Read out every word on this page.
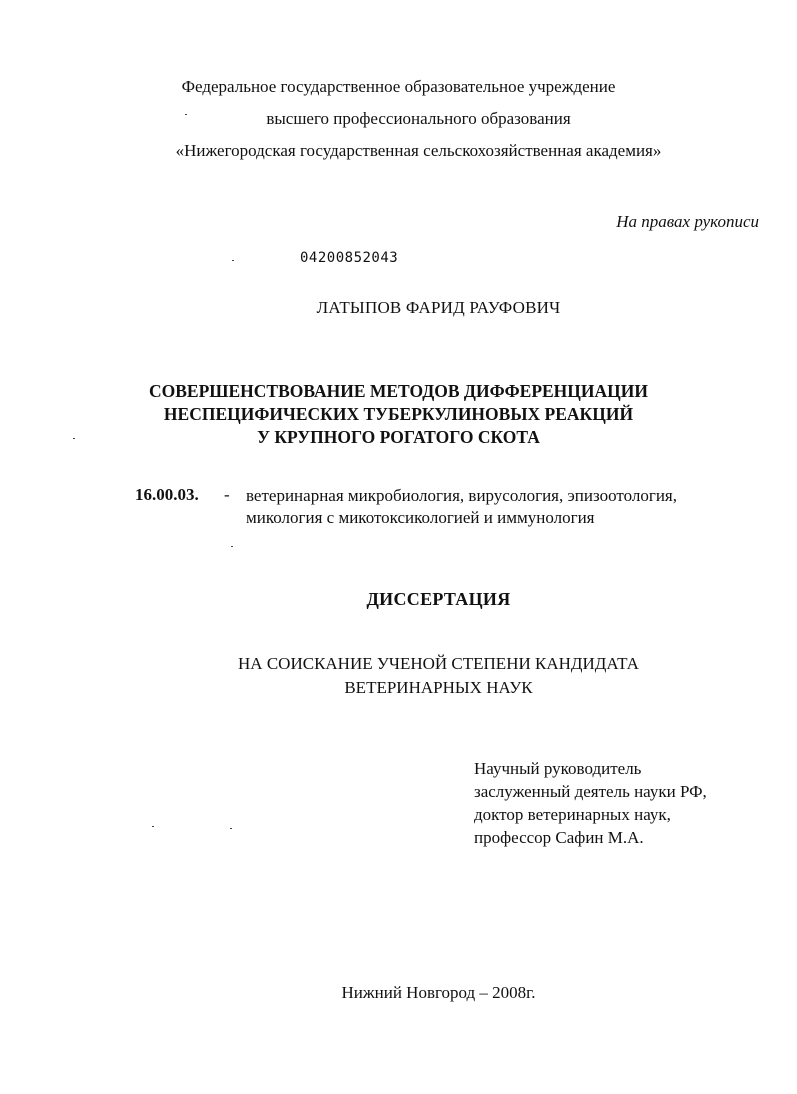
Федеральное государственное образовательное учреждение
высшего профессионального образования
«Нижегородская государственная сельскохозяйственная академия»
На правах рукописи
04200852043
ЛАТЫПОВ ФАРИД РАУФОВИЧ
СОВЕРШЕНСТВОВАНИЕ МЕТОДОВ ДИФФЕРЕНЦИАЦИИ
НЕСПЕЦИФИЧЕСКИХ ТУБЕРКУЛИНОВЫХ РЕАКЦИЙ
У КРУПНОГО РОГАТОГО СКОТА
16.00.03. - ветеринарная микробиология, вирусология, эпизоотология,
микология с микотоксикологией и иммунология
ДИССЕРТАЦИЯ
НА СОИСКАНИЕ УЧЕНОЙ СТЕПЕНИ КАНДИДАТА
ВЕТЕРИНАРНЫХ НАУК
Научный руководитель
заслуженный деятель науки РФ,
доктор ветеринарных наук,
профессор Сафин М.А.
Нижний Новгород – 2008г.
